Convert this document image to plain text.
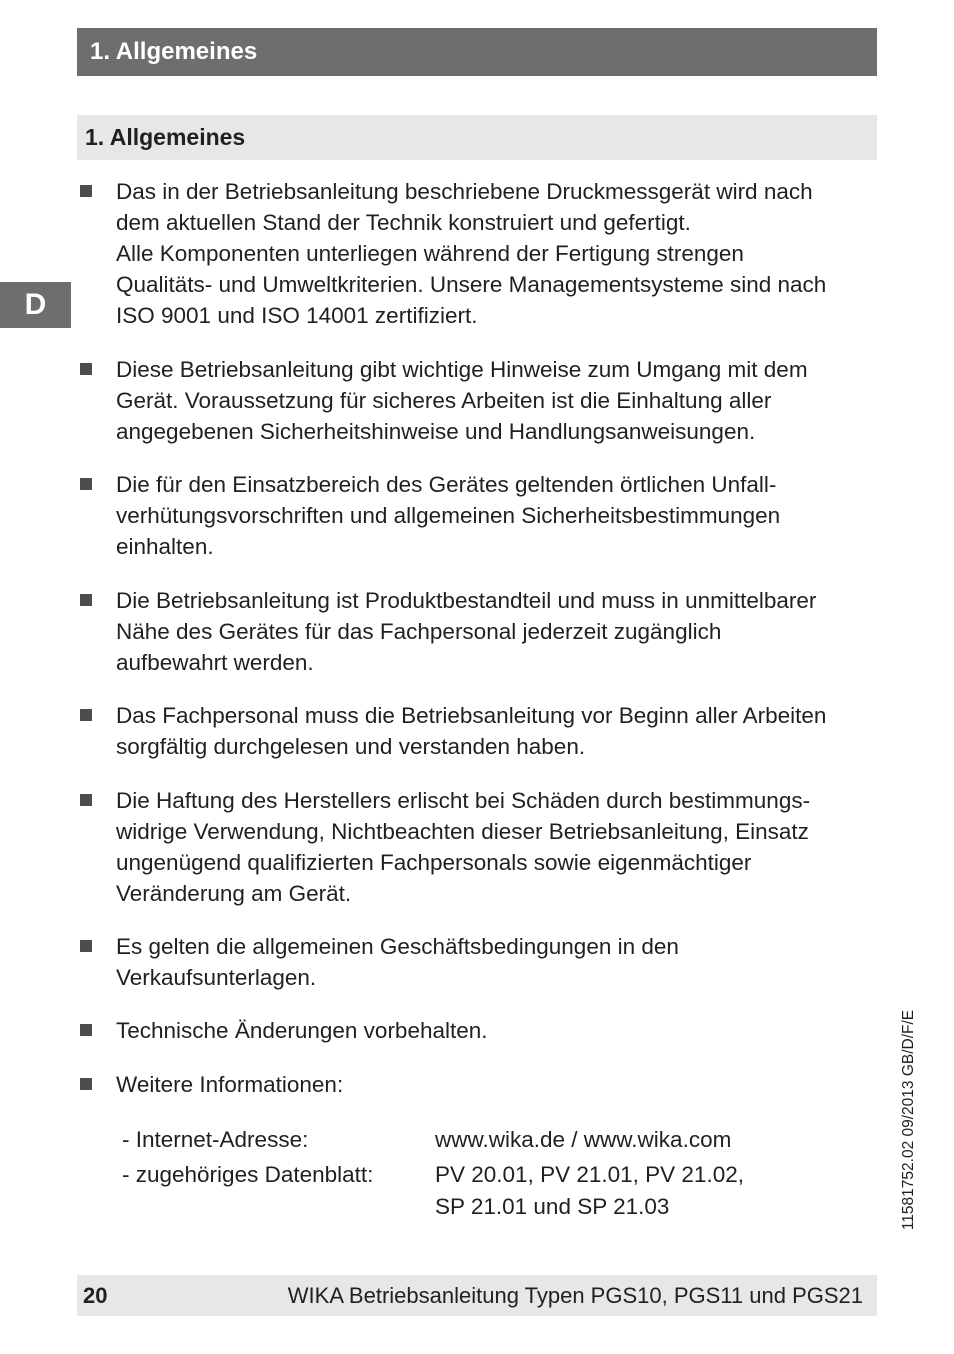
1. Allgemeines
1. Allgemeines
D
Das in der Betriebsanleitung beschriebene Druckmessgerät wird nach
dem aktuellen Stand der Technik konstruiert und gefertigt.
Alle Komponenten unterliegen während der Fertigung strengen
Qualitäts- und Umweltkriterien. Unsere Managementsysteme sind nach
ISO 9001 und ISO 14001 zertifiziert.
Diese Betriebsanleitung gibt wichtige Hinweise zum Umgang mit dem
Gerät. Voraussetzung für sicheres Arbeiten ist die Einhaltung aller
angegebenen Sicherheitshinweise und Handlungsanweisungen.
Die für den Einsatzbereich des Gerätes geltenden örtlichen Unfall-
verhütungsvorschriften und allgemeinen Sicherheitsbestimmungen
einhalten.
Die Betriebsanleitung ist Produktbestandteil und muss in unmittelbarer
Nähe des Gerätes für das Fachpersonal jederzeit zugänglich
aufbewahrt werden.
Das Fachpersonal muss die Betriebsanleitung vor Beginn aller Arbeiten
sorgfältig durchgelesen und verstanden haben.
Die Haftung des Herstellers erlischt bei Schäden durch bestimmungs-
widrige Verwendung, Nichtbeachten dieser Betriebsanleitung, Einsatz
ungenügend qualifizierten Fachpersonals sowie eigenmächtiger
Veränderung am Gerät.
Es gelten die allgemeinen Geschäftsbedingungen in den
Verkaufsunterlagen.
Technische Änderungen vorbehalten.
Weitere Informationen:
- Internet-Adresse:	www.wika.de / www.wika.com
- zugehöriges Datenblatt:	PV 20.01, PV 21.01, PV 21.02,
SP 21.01 und SP 21.03	11581752.02 09/2013 GB/D/F/E
20	WIKA Betriebsanleitung Typen PGS10, PGS11 und PGS21
